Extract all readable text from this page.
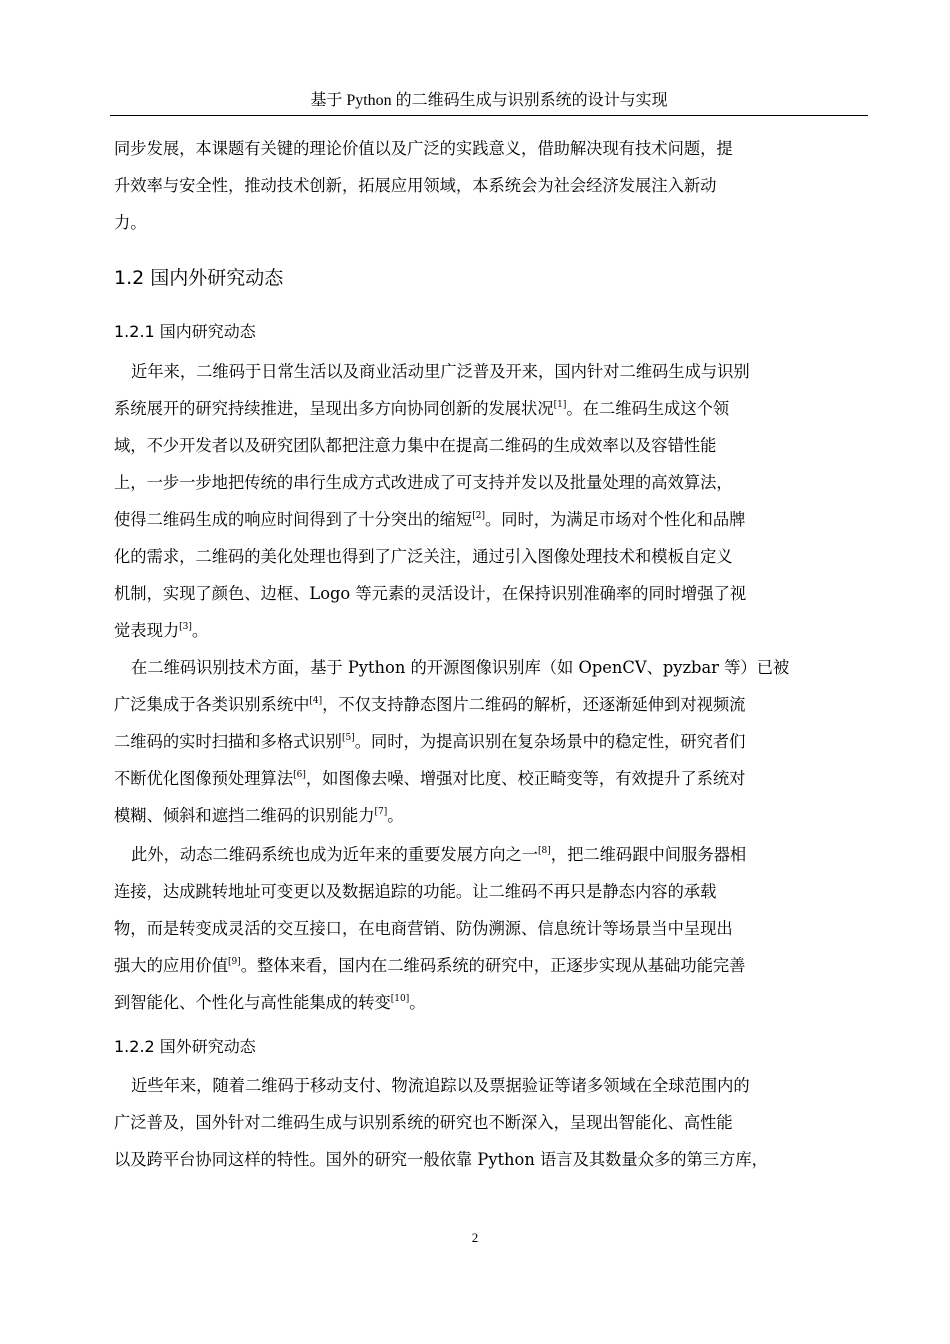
基于 Python 的二维码生成与识别系统的设计与实现
同步发展，本课题有关键的理论价值以及广泛的实践意义，借助解决现有技术问题，提
升效率与安全性，推动技术创新，拓展应用领域，本系统会为社会经济发展注入新动
力。
1.2 国内外研究动态
1.2.1 国内研究动态
近年来，二维码于日常生活以及商业活动里广泛普及开来，国内针对二维码生成与识别
系统展开的研究持续推进，呈现出多方向协同创新的发展状况[1]。在二维码生成这个领
域，不少开发者以及研究团队都把注意力集中在提高二维码的生成效率以及容错性能
上，一步一步地把传统的串行生成方式改进成了可支持并发以及批量处理的高效算法，
使得二维码生成的响应时间得到了十分突出的缩短[2]。同时，为满足市场对个性化和品牌
化的需求，二维码的美化处理也得到了广泛关注，通过引入图像处理技术和模板自定义
机制，实现了颜色、边框、Logo 等元素的灵活设计，在保持识别准确率的同时增强了视
觉表现力[3]。
在二维码识别技术方面，基于 Python 的开源图像识别库（如 OpenCV、pyzbar 等）已被
广泛集成于各类识别系统中[4]，不仅支持静态图片二维码的解析，还逐渐延伸到对视频流
二维码的实时扫描和多格式识别[5]。同时，为提高识别在复杂场景中的稳定性，研究者们
不断优化图像预处理算法[6]，如图像去噪、增强对比度、校正畸变等，有效提升了系统对
模糊、倾斜和遮挡二维码的识别能力[7]。
此外，动态二维码系统也成为近年来的重要发展方向之一[8]，把二维码跟中间服务器相
连接，达成跳转地址可变更以及数据追踪的功能。让二维码不再只是静态内容的承载
物，而是转变成灵活的交互接口，在电商营销、防伪溯源、信息统计等场景当中呈现出
强大的应用价值[9]。整体来看，国内在二维码系统的研究中，正逐步实现从基础功能完善
到智能化、个性化与高性能集成的转变[10]。
1.2.2 国外研究动态
近些年来，随着二维码于移动支付、物流追踪以及票据验证等诸多领域在全球范围内的
广泛普及，国外针对二维码生成与识别系统的研究也不断深入，呈现出智能化、高性能
以及跨平台协同这样的特性。国外的研究一般依靠 Python 语言及其数量众多的第三方库，
2
